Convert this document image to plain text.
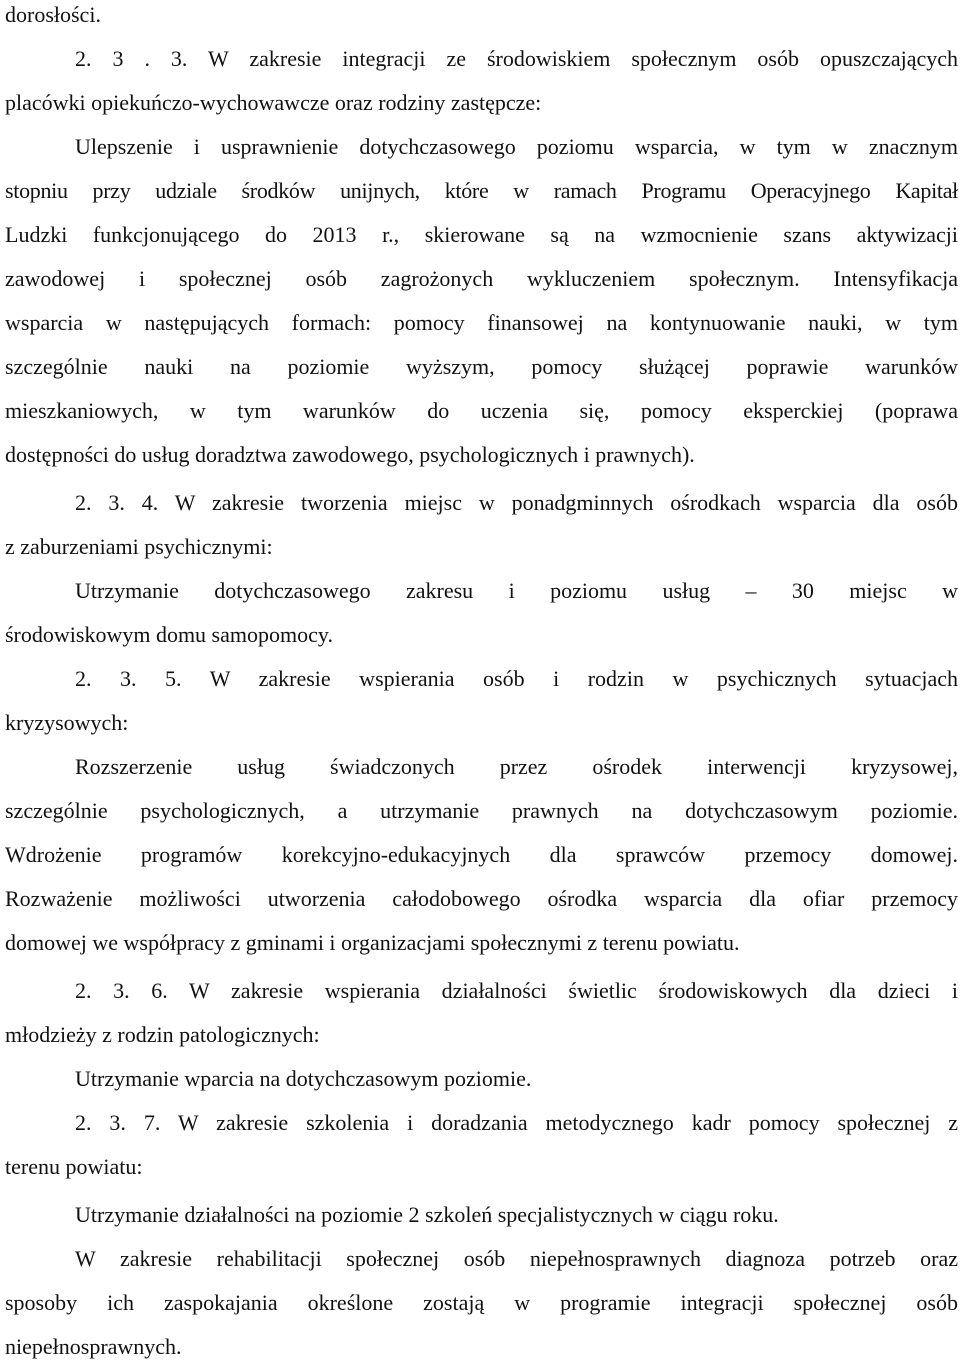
dorosłości.
2. 3 . 3. W zakresie integracji ze środowiskiem społecznym osób opuszczających
placówki opiekuńczo-wychowawcze oraz rodziny zastępcze:
Ulepszenie i usprawnienie dotychczasowego poziomu wsparcia, w tym w znacznym
stopniu przy udziale środków unijnych, które w ramach Programu Operacyjnego Kapitał
Ludzki funkcjonującego do 2013 r., skierowane są na wzmocnienie szans aktywizacji
zawodowej i społecznej osób zagrożonych wykluczeniem społecznym. Intensyfikacja
wsparcia w następujących formach: pomocy finansowej na kontynuowanie nauki, w tym
szczególnie nauki na poziomie wyższym, pomocy służącej poprawie warunków
mieszkaniowych, w tym warunków do uczenia się, pomocy eksperckiej (poprawa
dostępności do usług doradztwa zawodowego, psychologicznych i prawnych).
2. 3. 4. W zakresie tworzenia miejsc w ponadgminnych ośrodkach wsparcia dla osób
z zaburzeniami psychicznymi:
Utrzymanie dotychczasowego zakresu i poziomu usług – 30 miejsc w
środowiskowym domu samopomocy.
2. 3. 5. W zakresie wspierania osób i rodzin w psychicznych sytuacjach
kryzysowych:
Rozszerzenie usług świadczonych przez ośrodek interwencji kryzysowej,
szczególnie psychologicznych, a utrzymanie prawnych na dotychczasowym poziomie.
Wdrożenie programów korekcyjno-edukacyjnych dla sprawców przemocy domowej.
Rozważenie możliwości utworzenia całodobowego ośrodka wsparcia dla ofiar przemocy
domowej we współpracy z gminami i organizacjami społecznymi z terenu powiatu.
2. 3. 6. W zakresie wspierania działalności świetlic środowiskowych dla dzieci i
młodzieży z rodzin patologicznych:
Utrzymanie wparcia na dotychczasowym poziomie.
2. 3. 7. W zakresie szkolenia i doradzania metodycznego kadr pomocy społecznej z
terenu powiatu:
Utrzymanie działalności na poziomie 2 szkoleń specjalistycznych w ciągu roku.
W zakresie rehabilitacji społecznej osób niepełnosprawnych diagnoza potrzeb oraz
sposoby ich zaspokajania określone zostają w programie integracji społecznej osób
niepełnosprawnych.
